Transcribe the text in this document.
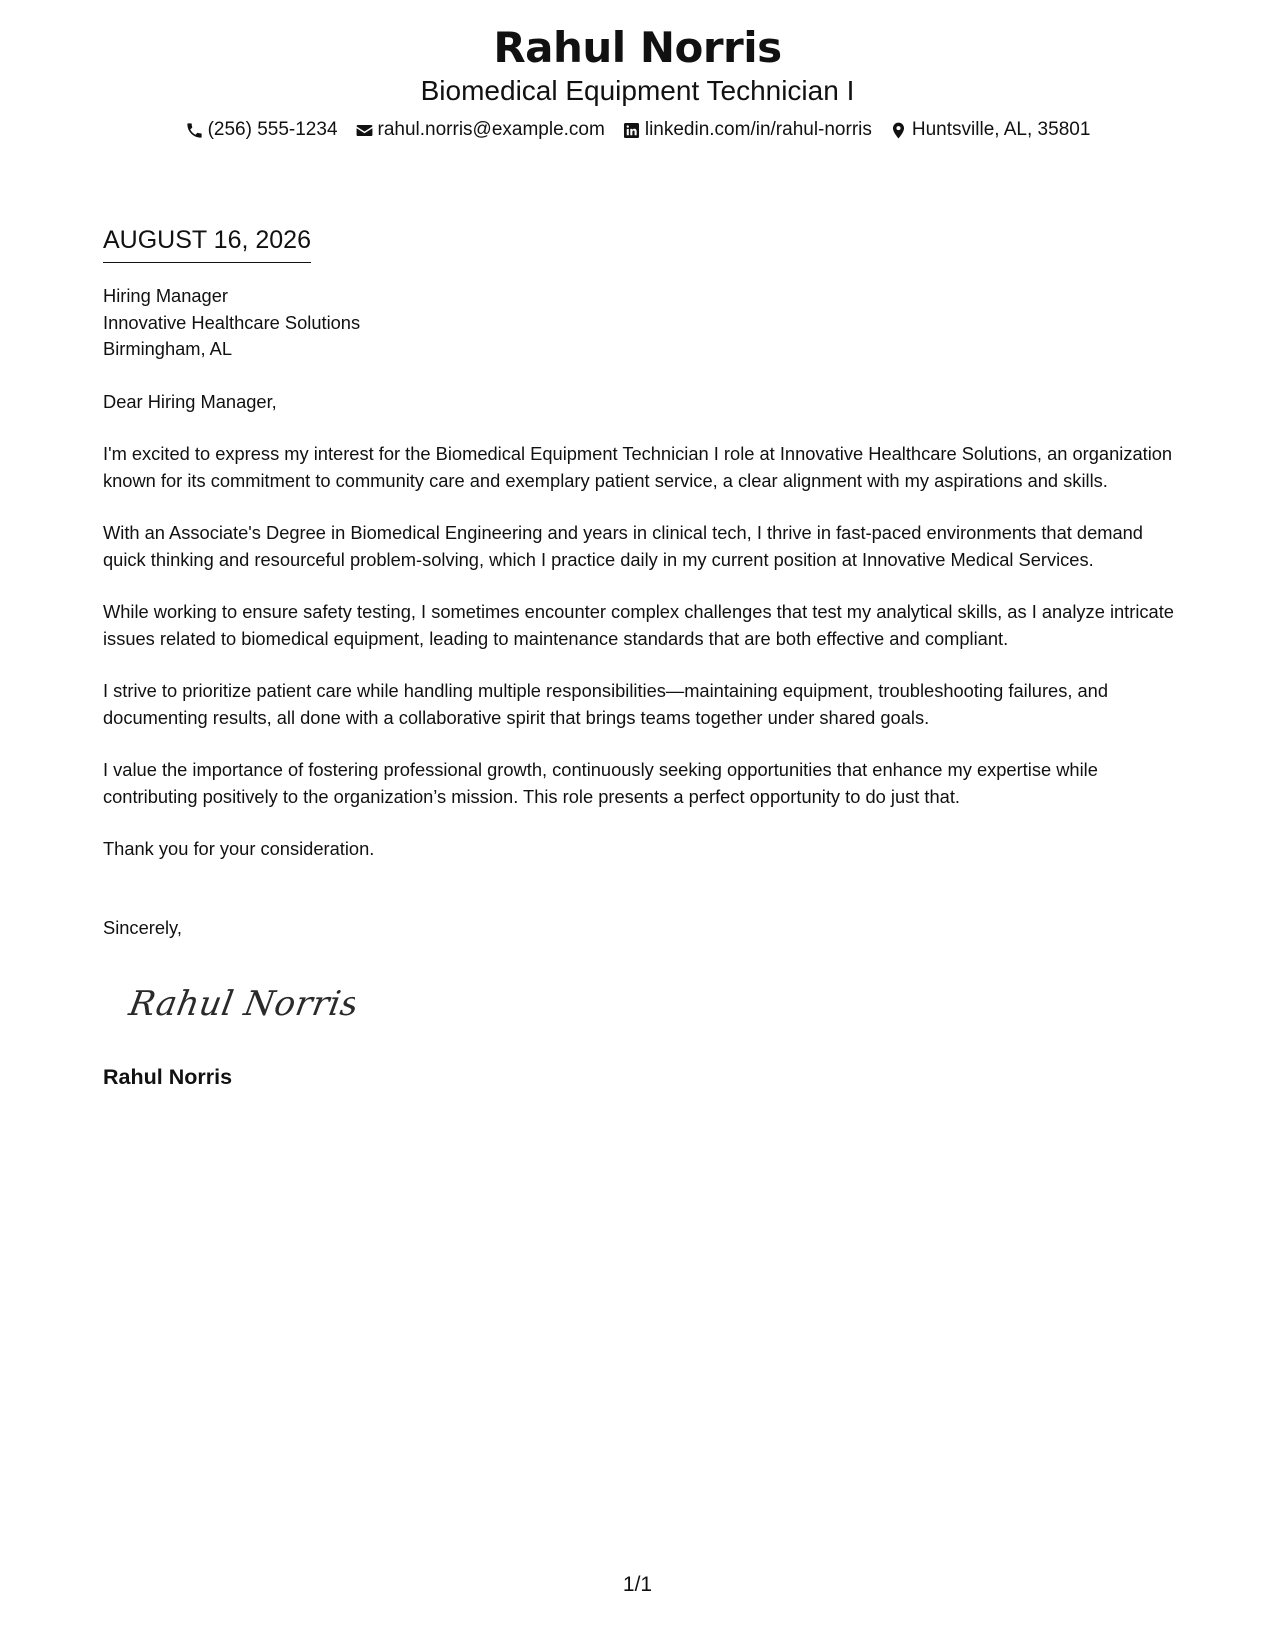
Rahul Norris

Biomedical Equipment Technician I

(256) 555-1234 rahul.norris@example.com linkedin.com/in/rahul-norris Huntsville, AL, 35801
AUGUST 16, 2026

Hiring Manager

Innovative Healthcare Solutions

Birmingham, AL

Dear Hiring Manager,

I'm excited to express my interest for the Biomedical Equipment Technician I role at Innovative Healthcare Solutions, an organization known for its commitment to community care and exemplary patient service, a clear alignment with my aspirations and skills.

With an Associate's Degree in Biomedical Engineering and years in clinical tech, I thrive in fast-paced environments that demand quick thinking and resourceful problem-solving, which I practice daily in my current position at Innovative Medical Services.

While working to ensure safety testing, I sometimes encounter complex challenges that test my analytical skills, as I analyze intricate issues related to biomedical equipment, leading to maintenance standards that are both effective and compliant.

I strive to prioritize patient care while handling multiple responsibilities—maintaining equipment, troubleshooting failures, and documenting results, all done with a collaborative spirit that brings teams together under shared goals.

I value the importance of fostering professional growth, continuously seeking opportunities that enhance my expertise while contributing positively to the organization’s mission. This role presents a perfect opportunity to do just that.

Thank you for your consideration.

Sincerely,

Rahul Norris

Rahul Norris

1/1
